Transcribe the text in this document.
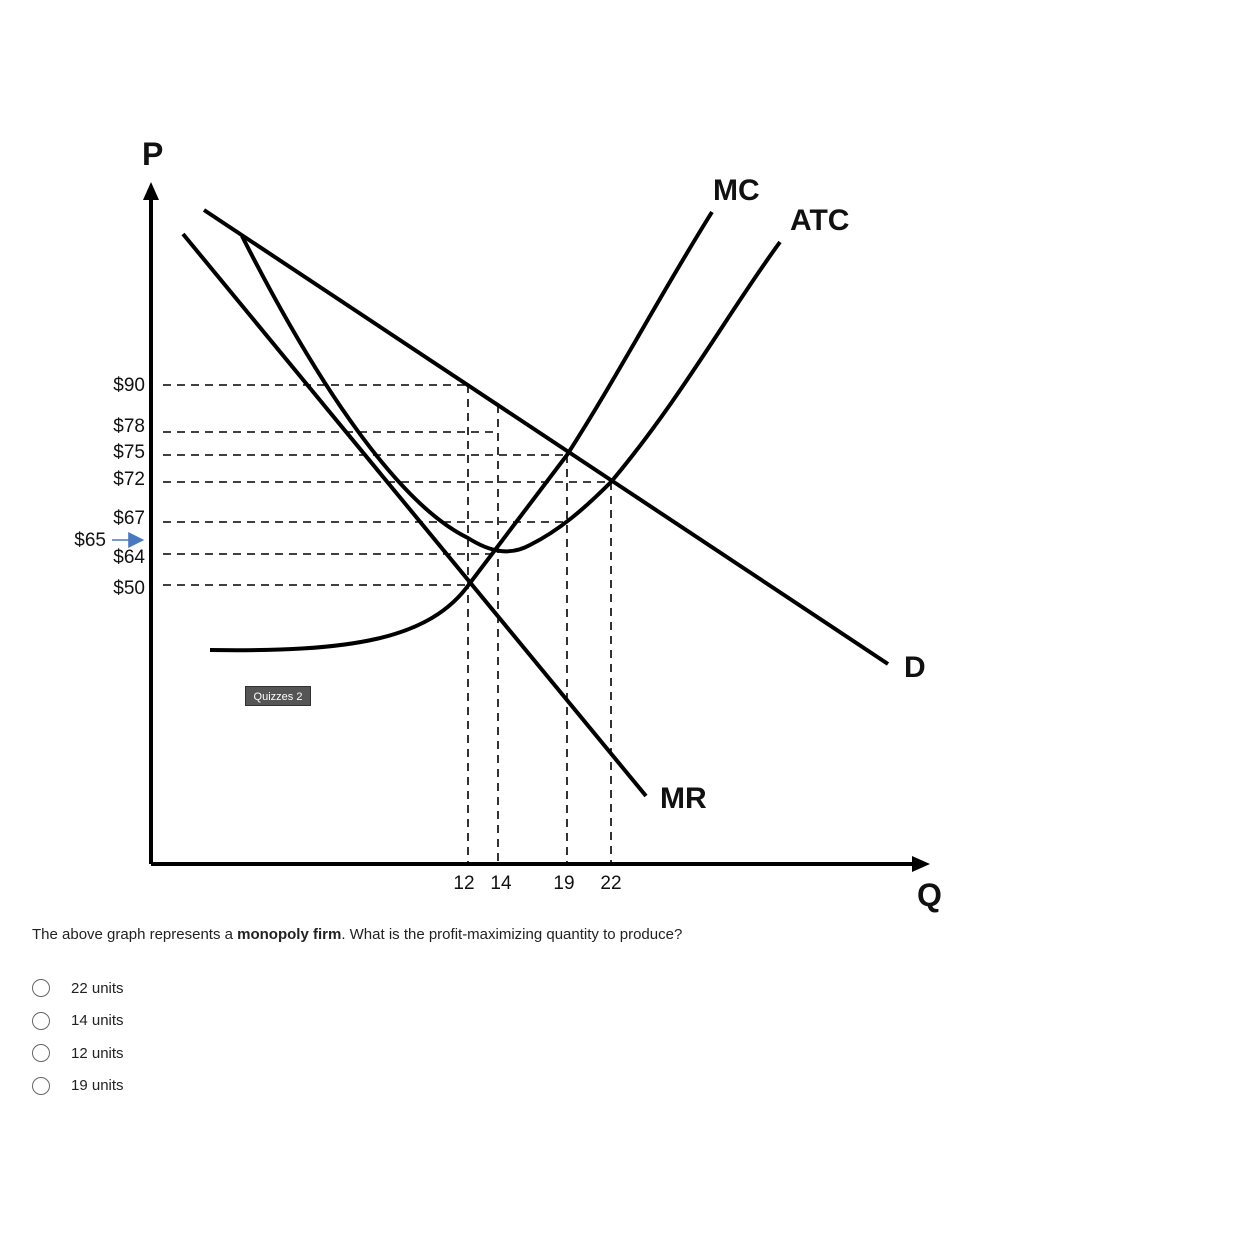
P
Q
MC
ATC
D
MR
$90
$78
$75
$72
$67
$64
$50
$65
12 14 19 22
Quizzes 2
The above graph represents a monopoly firm. What is the profit-maximizing quantity to produce?
22 units
14 units
12 units
19 units
